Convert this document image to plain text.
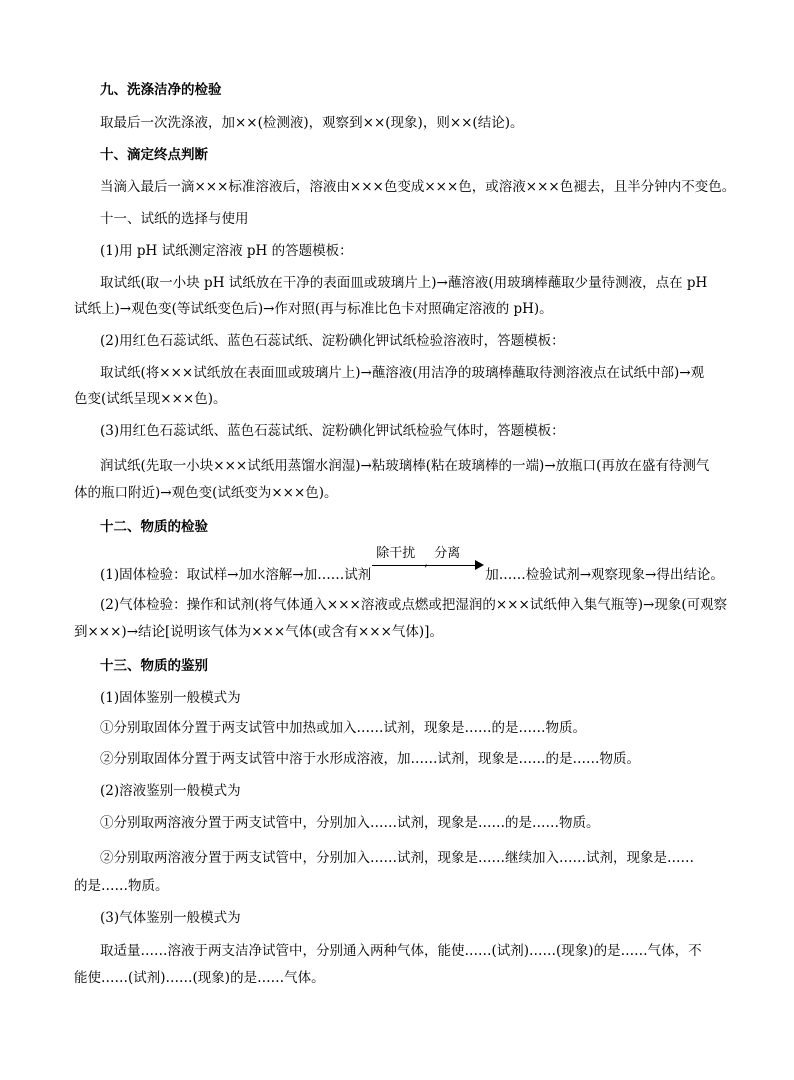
九、洗涤洁净的检验
取最后一次洗涤液，加××(检测液)，观察到××(现象)，则××(结论)。
十、滴定终点判断
当滴入最后一滴×××标准溶液后，溶液由×××色变成×××色，或溶液×××色褪去，且半分钟内不变色。
十一、试纸的选择与使用
(1)用 pH 试纸测定溶液 pH 的答题模板：
取试纸(取一小块 pH 试纸放在干净的表面皿或玻璃片上)→蘸溶液(用玻璃棒蘸取少量待测液，点在 pH
试纸上)→观色变(等试纸变色后)→作对照(再与标准比色卡对照确定溶液的 pH)。
(2)用红色石蕊试纸、蓝色石蕊试纸、淀粉碘化钾试纸检验溶液时，答题模板：
取试纸(将×××试纸放在表面皿或玻璃片上)→蘸溶液(用洁净的玻璃棒蘸取待测溶液点在试纸中部)→观
色变(试纸呈现×××色)。
(3)用红色石蕊试纸、蓝色石蕊试纸、淀粉碘化钾试纸检验气体时，答题模板：
润试纸(先取一小块×××试纸用蒸馏水润湿)→粘玻璃棒(粘在玻璃棒的一端)→放瓶口(再放在盛有待测气
体的瓶口附近)→观色变(试纸变为×××色)。
十二、物质的检验
(1)固体检验：取试样→加水溶解→加……试剂
除干扰
,
分离
加……检验试剂→观察现象→得出结论。
(2)气体检验：操作和试剂(将气体通入×××溶液或点燃或把湿润的×××试纸伸入集气瓶等)→现象(可观察
到×××)→结论[说明该气体为×××气体(或含有×××气体)]。
十三、物质的鉴别
(1)固体鉴别一般模式为
①分别取固体分置于两支试管中加热或加入……试剂，现象是……的是……物质。
②分别取固体分置于两支试管中溶于水形成溶液，加……试剂，现象是……的是……物质。
(2)溶液鉴别一般模式为
①分别取两溶液分置于两支试管中，分别加入……试剂，现象是……的是……物质。
②分别取两溶液分置于两支试管中，分别加入……试剂，现象是……继续加入……试剂，现象是……
的是……物质。
(3)气体鉴别一般模式为
取适量……溶液于两支洁净试管中，分别通入两种气体，能使……(试剂)……(现象)的是……气体，不
能使……(试剂)……(现象)的是……气体。
